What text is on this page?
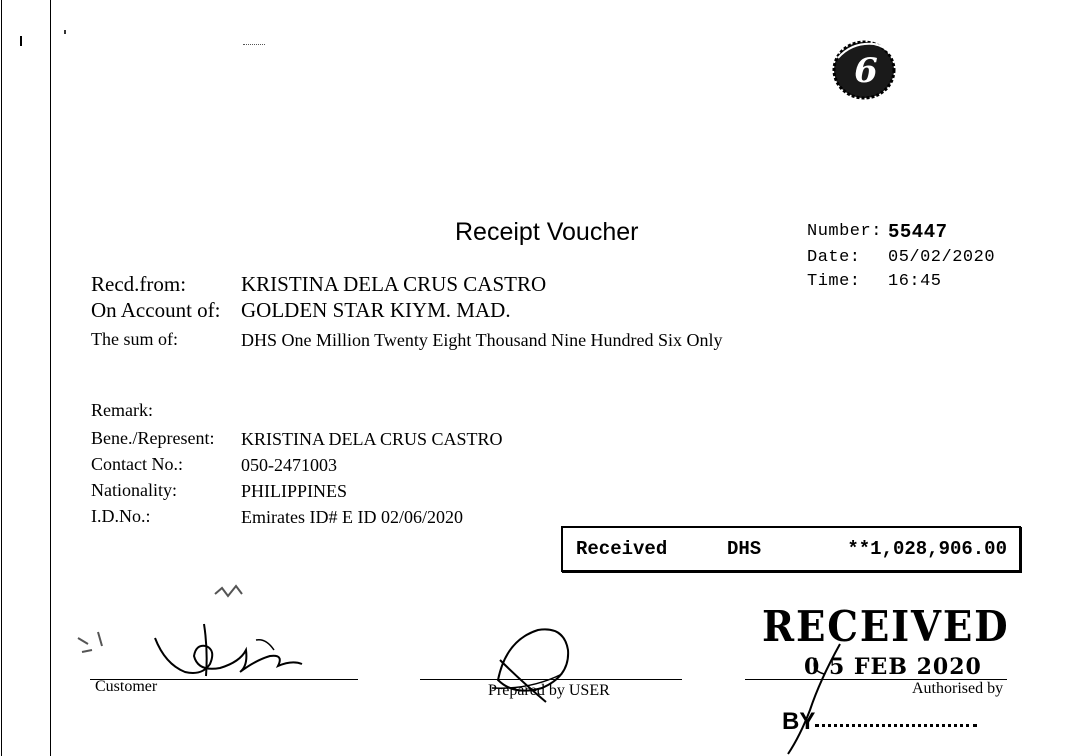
6
Receipt Voucher	Number: 55447
Date: 05/02/2020
Time: 16:45
Recd.from:	KRISTINA DELA CRUS CASTRO
On Account of: GOLDEN STAR KIYM. MAD.
The sum of:	DHS One Million Twenty Eight Thousand Nine Hundred Six Only
Remark:
Bene./Represent: KRISTINA DELA CRUS CASTRO
Contact No.:	050-2471003
Nationality:	PHILIPPINES
I.D.No.:	Emirates ID# E ID 02/06/2020
Received	DHS	**1,028,906.00
Customer	Prepared by USER	Authorised by
RECEIVED
0 5 FEB 2020
BY
